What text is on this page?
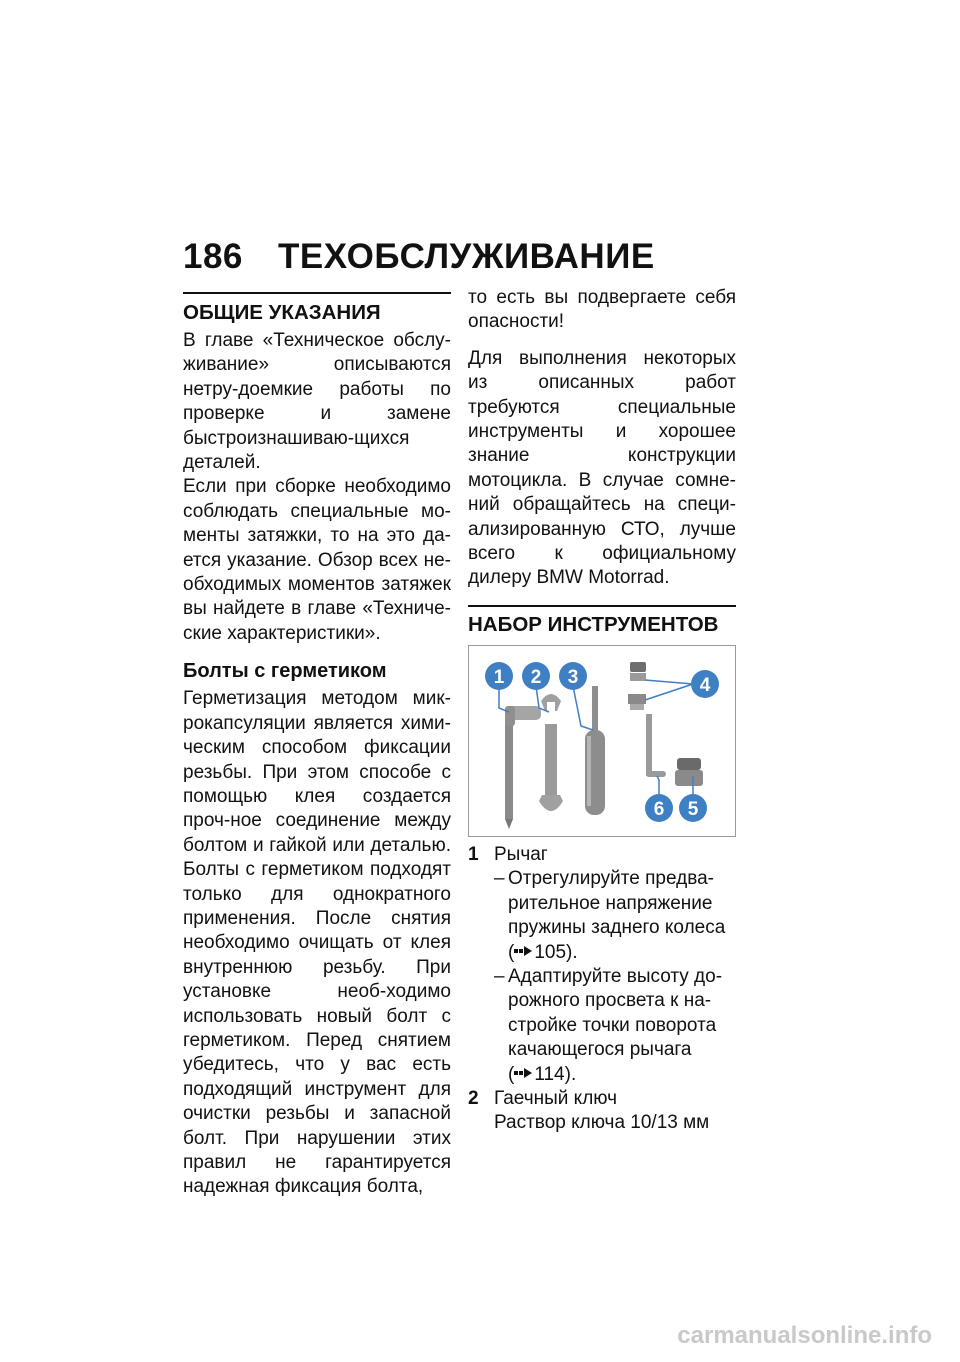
186 ТЕХОБСЛУЖИВАНИЕ
ОБЩИЕ УКАЗАНИЯ

В главе «Техническое обслу-живание» описываются нетру-доемкие работы по проверке и замене быстроизнашиваю-щихся деталей.

Если при сборке необходимо соблюдать специальные мо-менты затяжки, то на это да-ется указание. Обзор всех не-обходимых моментов затяжек вы найдете в главе «Техниче-ские характеристики».

Болты с герметиком

Герметизация методом мик-рокапсуляции является хими-ческим способом фиксации резьбы. При этом способе с помощью клея создается проч-ное соединение между болтом и гайкой или деталью. Болты с герметиком подходят только для однократного применения. После снятия необходимо очищать от клея внутреннюю резьбу. При установке необ-ходимо использовать новый болт с герметиком. Перед снятием убедитесь, что у вас есть подходящий инструмент для очистки резьбы и запасной болт. При нарушении этих правил не гарантируется надежная фиксация болта,

то есть вы подвергаете себя опасности!

Для выполнения некоторых из описанных работ требуются специальные инструменты и хорошее знание конструкции мотоцикла. В случае сомне-ний обращайтесь на специ-ализированную СТО, лучше всего к официальному дилеру BMW Motorrad.

НАБОР ИНСТРУМЕНТОВ
1 2 3	4
5
6
1 Рычаг
– Отрегулируйте предва-рительное напряжение пружины заднего колеса
( 105).
– Адаптируйте высоту до-рожного просвета к на-стройке точки поворота качающегося рычага
( 114).
2 Гаечный ключ
Раствор ключа 10/13 мм
carmanualsonline.info
